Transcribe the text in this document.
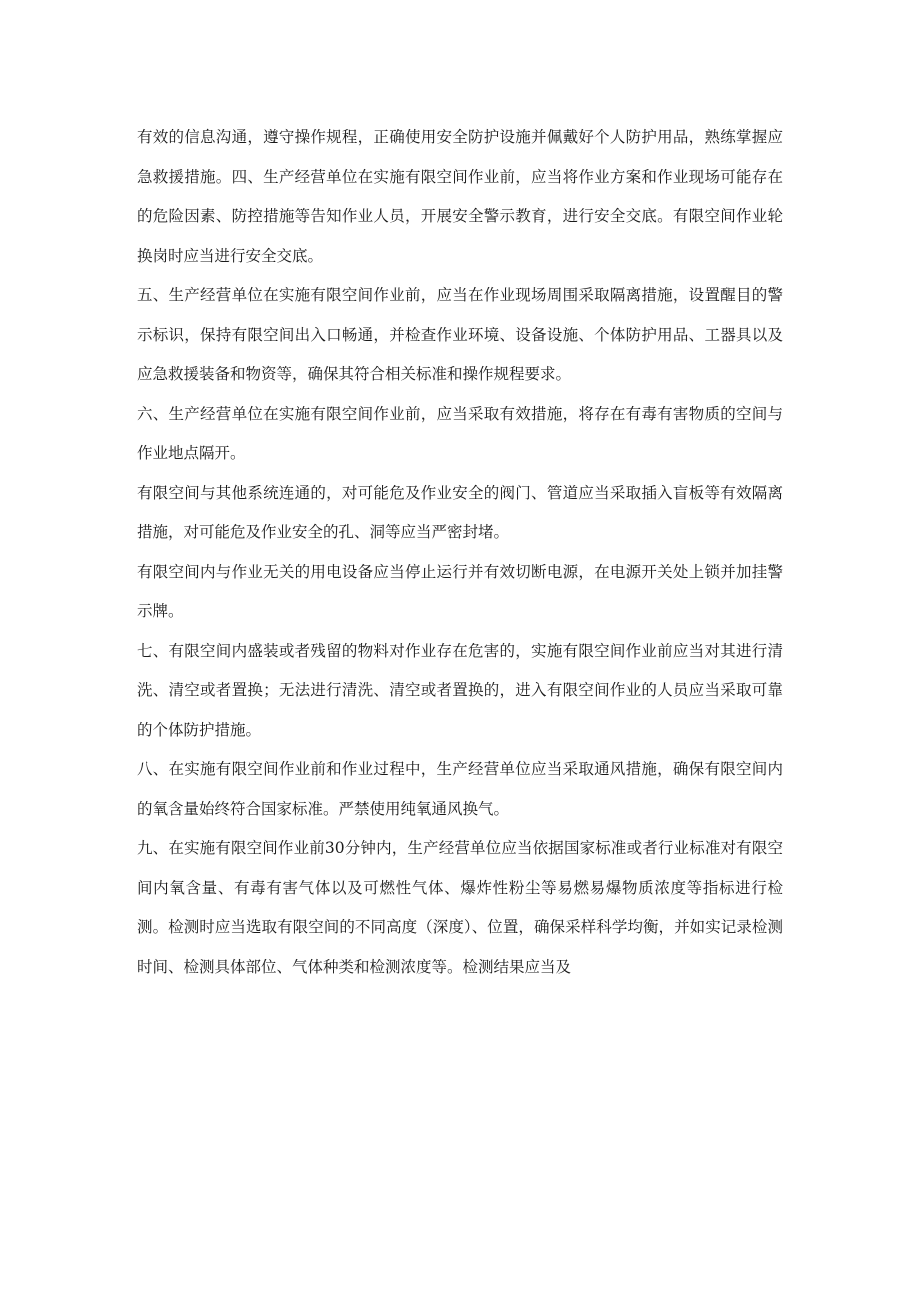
有效的信息沟通，遵守操作规程，正确使用安全防护设施并佩戴好个人防护用品，熟练掌握应急救援措施。四、生产经营单位在实施有限空间作业前，应当将作业方案和作业现场可能存在的危险因素、防控措施等告知作业人员，开展安全警示教育，进行安全交底。有限空间作业轮换岗时应当进行安全交底。

五、生产经营单位在实施有限空间作业前，应当在作业现场周围采取隔离措施，设置醒目的警示标识，保持有限空间出入口畅通，并检查作业环境、设备设施、个体防护用品、工器具以及应急救援装备和物资等，确保其符合相关标准和操作规程要求。

六、生产经营单位在实施有限空间作业前，应当采取有效措施，将存在有毒有害物质的空间与作业地点隔开。

有限空间与其他系统连通的，对可能危及作业安全的阀门、管道应当采取插入盲板等有效隔离措施，对可能危及作业安全的孔、洞等应当严密封堵。

有限空间内与作业无关的用电设备应当停止运行并有效切断电源，在电源开关处上锁并加挂警示牌。

七、有限空间内盛装或者残留的物料对作业存在危害的，实施有限空间作业前应当对其进行清洗、清空或者置换；无法进行清洗、清空或者置换的，进入有限空间作业的人员应当采取可靠的个体防护措施。

八、在实施有限空间作业前和作业过程中，生产经营单位应当采取通风措施，确保有限空间内的氧含量始终符合国家标准。严禁使用纯氧通风换气。

九、在实施有限空间作业前30分钟内，生产经营单位应当依据国家标准或者行业标准对有限空间内氧含量、有毒有害气体以及可燃性气体、爆炸性粉尘等易燃易爆物质浓度等指标进行检测。检测时应当选取有限空间的不同高度（深度）、位置，确保采样科学均衡，并如实记录检测时间、检测具体部位、气体种类和检测浓度等。检测结果应当及
